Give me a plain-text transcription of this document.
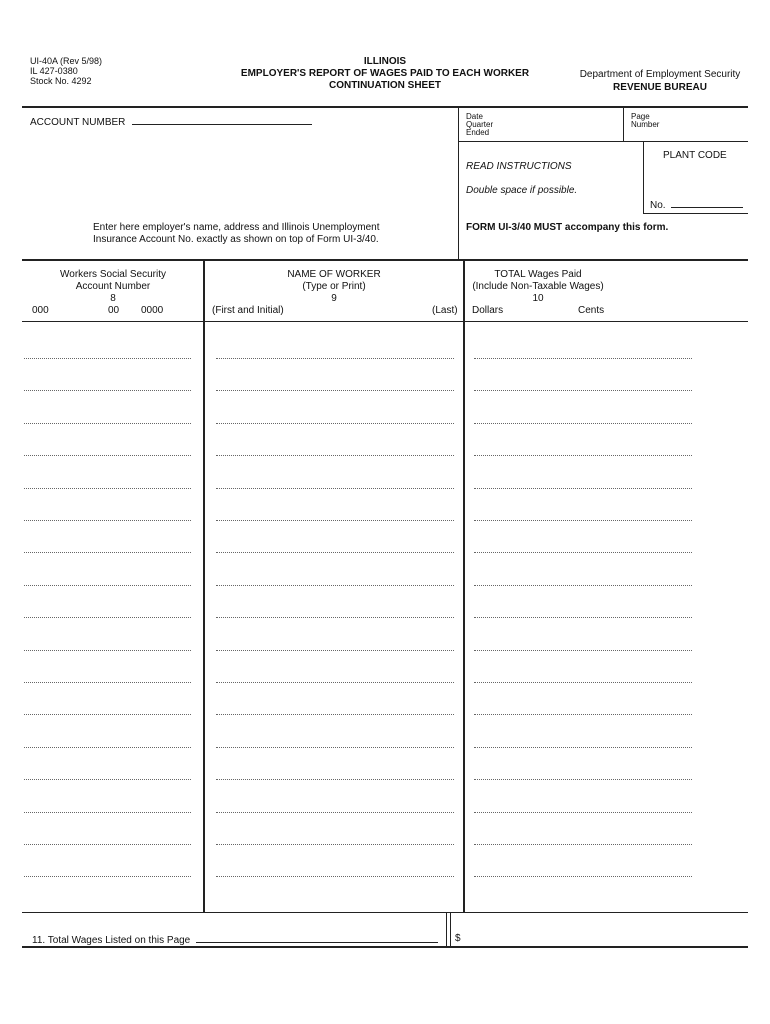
UI-40A (Rev 5/98)
IL 427-0380
Stock No. 4292
ILLINOIS
EMPLOYER'S REPORT OF WAGES PAID TO EACH WORKER
CONTINUATION SHEET
Department of Employment Security
REVENUE BUREAU
ACCOUNT NUMBER
Date
Quarter
Ended
Page
Number
PLANT CODE
No.
READ INSTRUCTIONS
Double space if possible.
FORM UI-3/40 MUST accompany this form.
Enter here employer's name, address and Illinois Unemployment
Insurance Account No. exactly as shown on top of Form UI-3/40.
Workers Social Security
Account Number
8
000	00 0000
NAME OF WORKER
(Type or Print)
9
(First and Initial)	(Last)
TOTAL Wages Paid
(Include Non-Taxable Wages)
10
Dollars	Cents
11. Total Wages Listed on this Page	$
